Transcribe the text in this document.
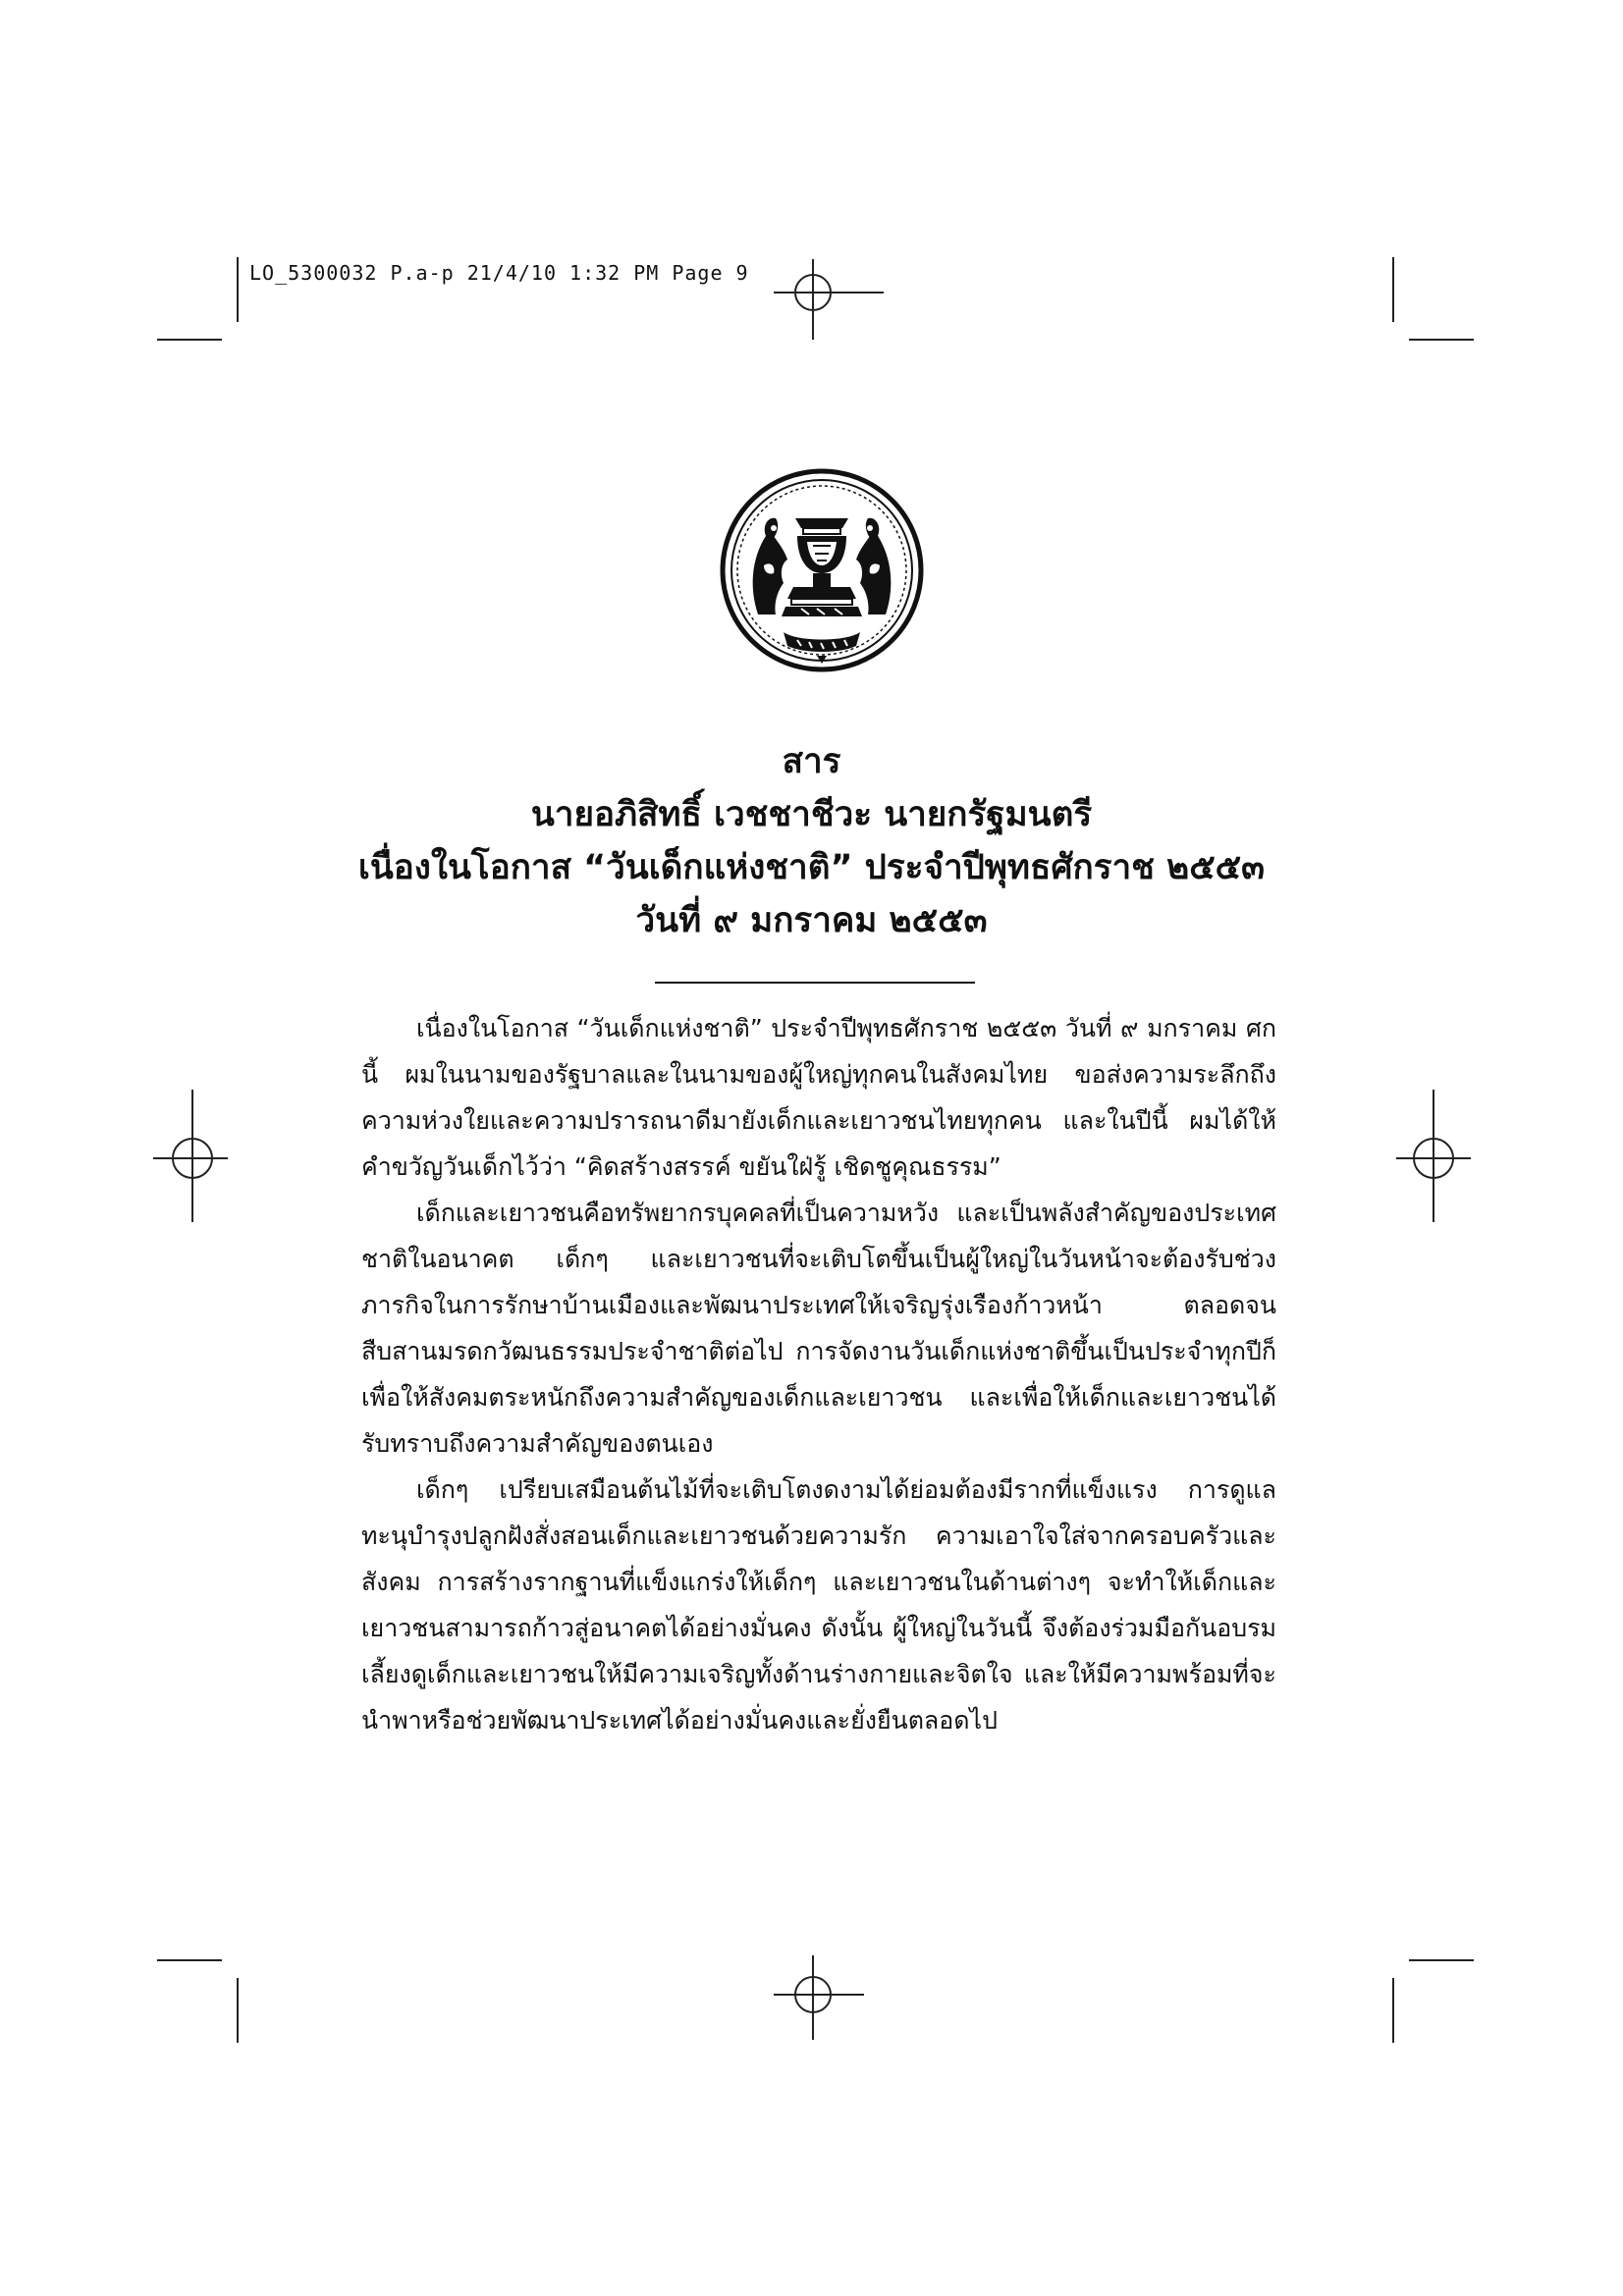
LO_5300032 P.a-p 21/4/10 1:32 PM Page 9
สาร
นายอภิสิทธิ์ เวชชาชีวะ นายกรัฐมนตรี
เนื่องในโอกาส “วันเด็กแห่งชาติ” ประจำปีพุทธศักราช ๒๕๕๓
วันที่ ๙ มกราคม ๒๕๕๓

เนื่องในโอกาส “วันเด็กแห่งชาติ” ประจำปีพุทธศักราช ๒๕๕๓ วันที่ ๙ มกราคม ศกนี้ ผมในนามของรัฐบาลและในนามของผู้ใหญ่ทุกคนในสังคมไทย ขอส่งความระลึกถึงความห่วงใยและความปรารถนาดีมายังเด็กและเยาวชนไทยทุกคน และในปีนี้ ผมได้ให้คำขวัญวันเด็กไว้ว่า “คิดสร้างสรรค์ ขยันใฝ่รู้ เชิดชูคุณธรรม”

เด็กและเยาวชนคือทรัพยากรบุคคลที่เป็นความหวัง และเป็นพลังสำคัญของประเทศชาติในอนาคต เด็กๆ และเยาวชนที่จะเติบโตขึ้นเป็นผู้ใหญ่ในวันหน้าจะต้องรับช่วงภารกิจในการรักษาบ้านเมืองและพัฒนาประเทศให้เจริญรุ่งเรืองก้าวหน้า ตลอดจนสืบสานมรดกวัฒนธรรมประจำชาติต่อไป การจัดงานวันเด็กแห่งชาติขึ้นเป็นประจำทุกปีก็เพื่อให้สังคมตระหนักถึงความสำคัญของเด็กและเยาวชน และเพื่อให้เด็กและเยาวชนได้รับทราบถึงความสำคัญของตนเอง

เด็กๆ เปรียบเสมือนต้นไม้ที่จะเติบโตงดงามได้ย่อมต้องมีรากที่แข็งแรง การดูแลทะนุบำรุงปลูกฝังสั่งสอนเด็กและเยาวชนด้วยความรัก ความเอาใจใส่จากครอบครัวและสังคม การสร้างรากฐานที่แข็งแกร่งให้เด็กๆ และเยาวชนในด้านต่างๆ จะทำให้เด็กและเยาวชนสามารถก้าวสู่อนาคตได้อย่างมั่นคง ดังนั้น ผู้ใหญ่ในวันนี้ จึงต้องร่วมมือกันอบรมเลี้ยงดูเด็กและเยาวชนให้มีความเจริญทั้งด้านร่างกายและจิตใจ และให้มีความพร้อมที่จะนำพาหรือช่วยพัฒนาประเทศได้อย่างมั่นคงและยั่งยืนตลอดไป
